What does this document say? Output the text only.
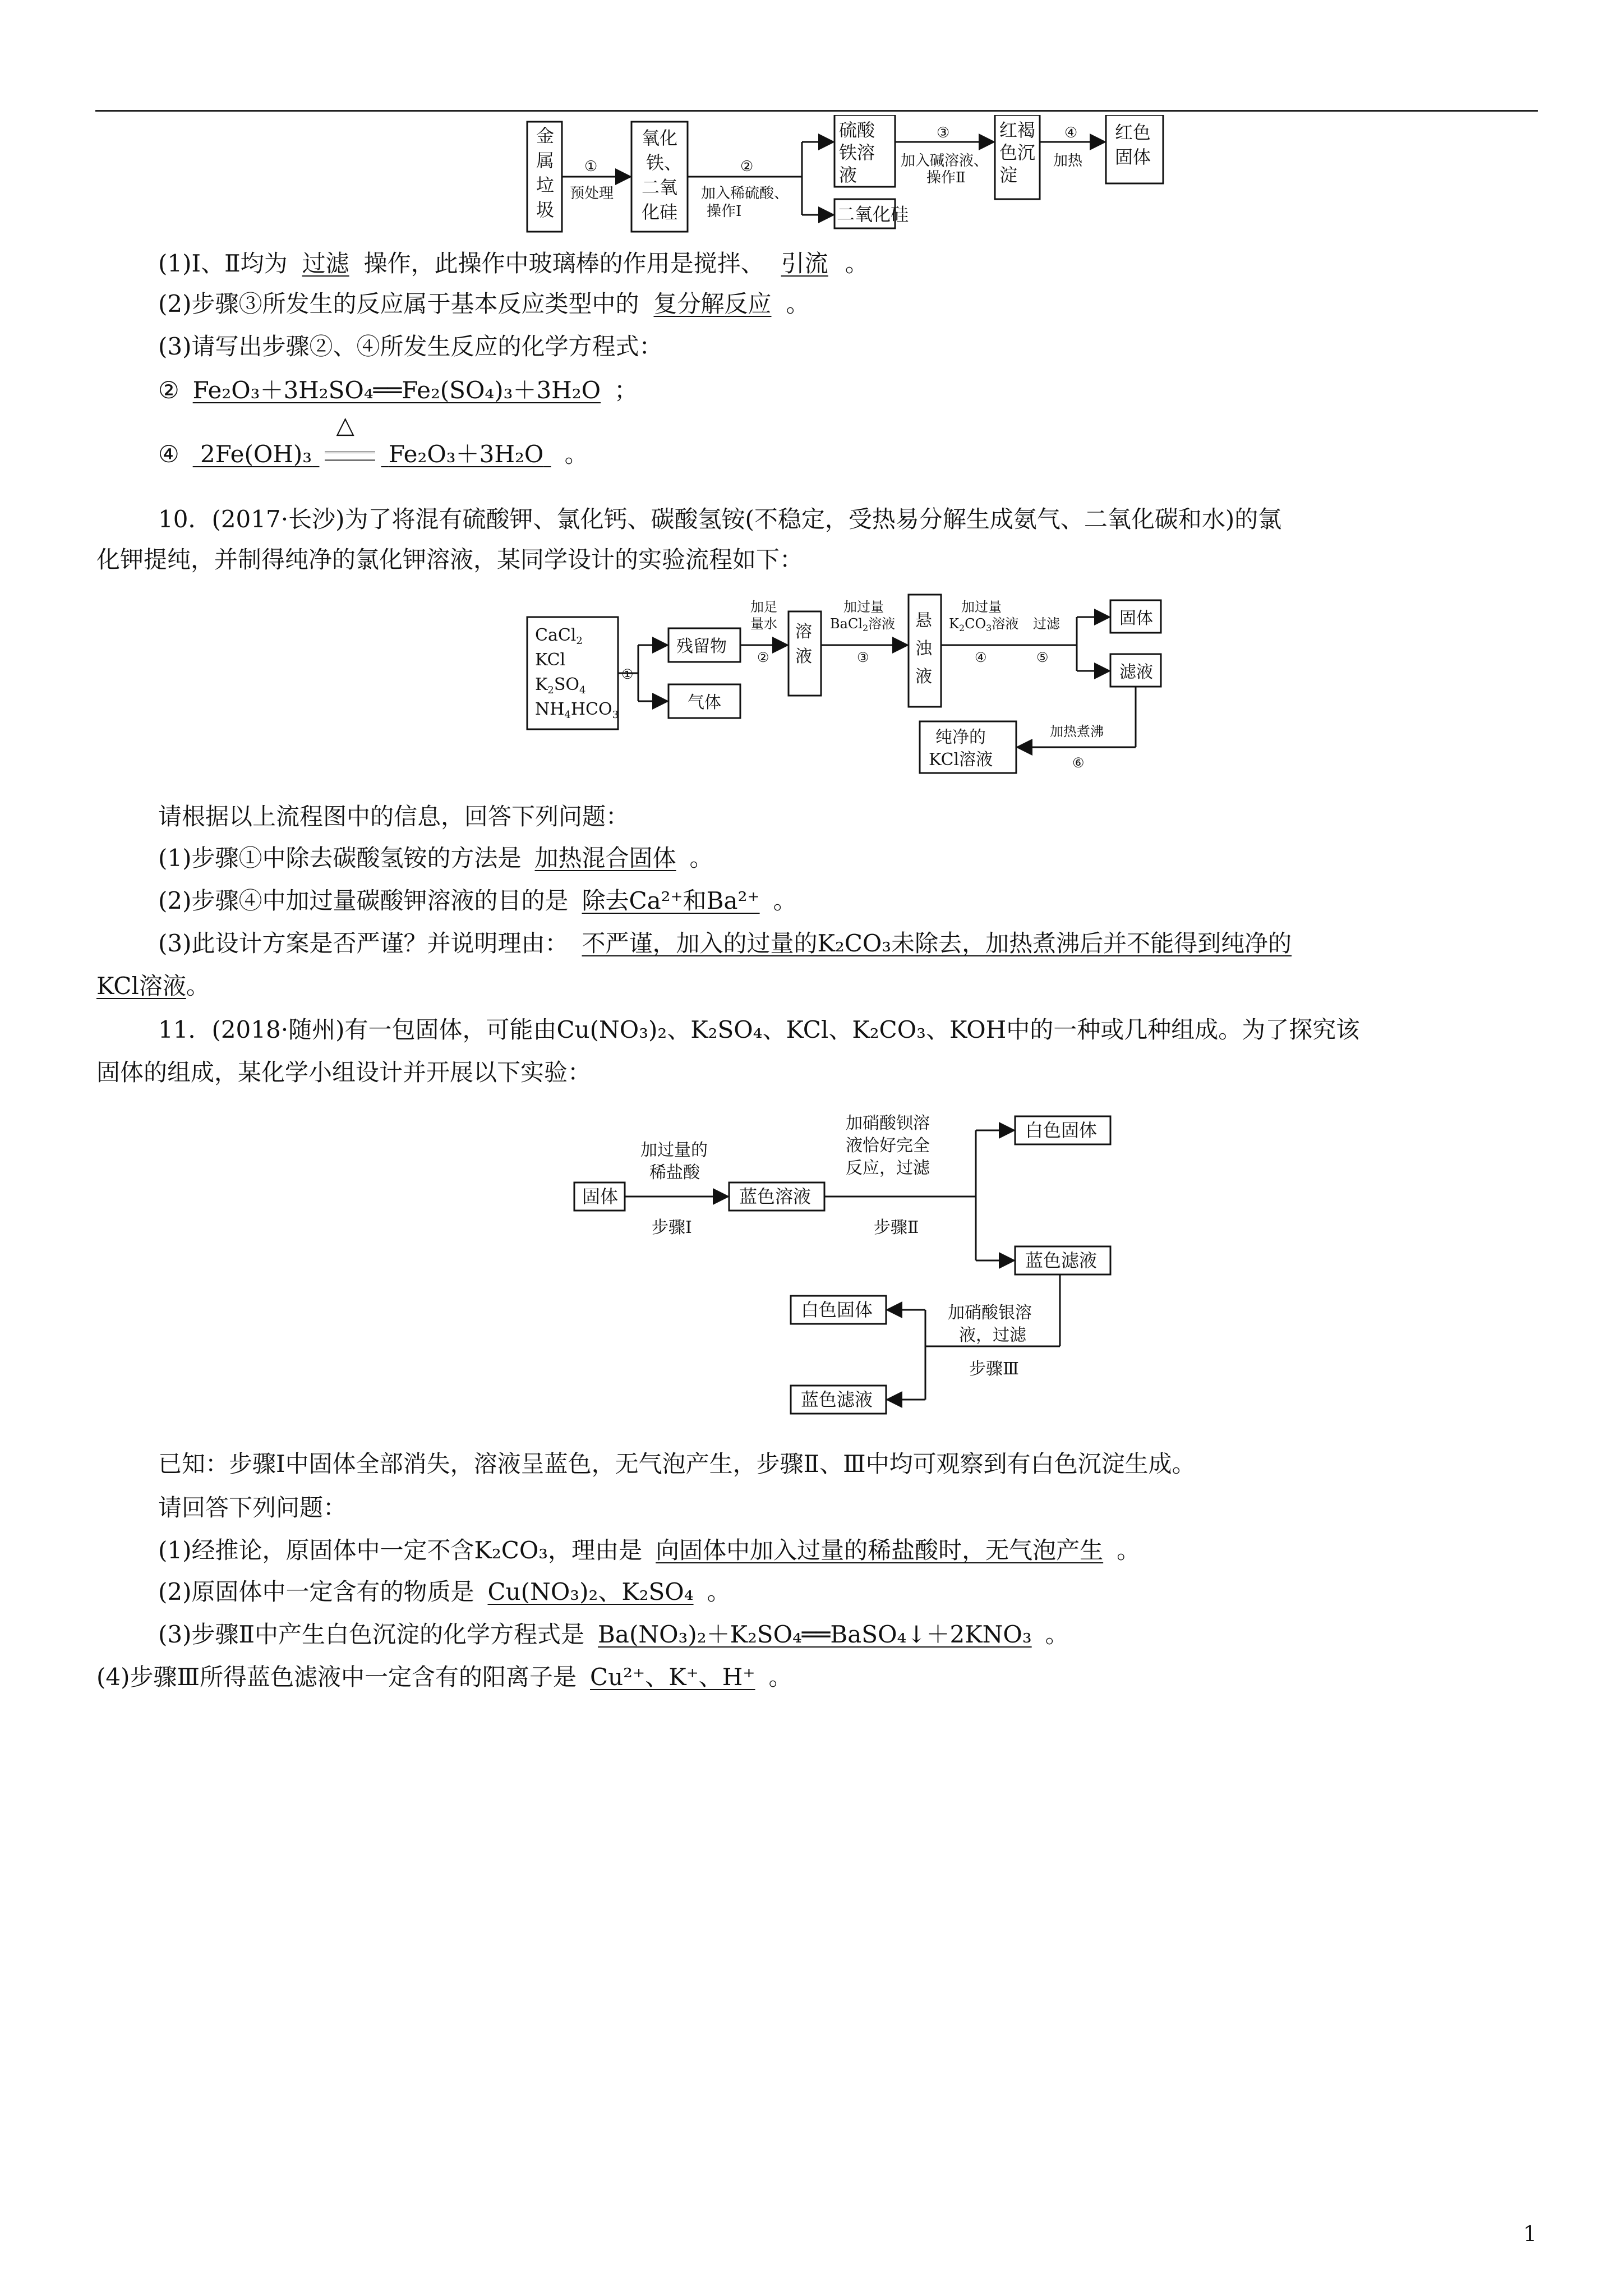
金
属
垃
圾
氧化
铁、
二氧
化硅
硫酸
铁溶
液
二氧化硅
红褐
色沉
淀
红色
固体
①
预处理
②
加入稀硫酸、
操作Ⅰ
③
加入碱溶液、
操作Ⅱ
④
加热
(1)Ⅰ、Ⅱ均为 过滤 操作，此操作中玻璃棒的作用是搅拌、 引流 。
(2)步骤③所发生的反应属于基本反应类型中的 复分解反应 。
(3)请写出步骤②、④所发生反应的化学方程式：
② Fe₂O₃＋3H₂SO₄══Fe₂(SO₄)₃＋3H₂O ；
④ 2Fe(OH)₃
△
Fe₂O₃＋3H₂O 。
10．(2017·长沙)为了将混有硫酸钾、氯化钙、碳酸氢铵(不稳定，受热易分解生成氨气、二氧化碳和水)的氯
化钾提纯，并制得纯净的氯化钾溶液，某同学设计的实验流程如下：
CaCl$_2$
KCl
$K_2SO_4$
$NH_4HCO_3$
残留物
气体
溶
液
悬
浊
液
固体
滤液
纯净的
KCl溶液
①
加足
量水
②
加过量
BaCl$_2$溶液
③
加过量
$K_2CO_3$溶液
④
过滤
⑤
加热煮沸
⑥
请根据以上流程图中的信息，回答下列问题：
(1)步骤①中除去碳酸氢铵的方法是 加热混合固体 。
(2)步骤④中加过量碳酸钾溶液的目的是 除去Ca²⁺和Ba²⁺ 。
(3)此设计方案是否严谨？并说明理由： 不严谨，加入的过量的K₂CO₃未除去，加热煮沸后并不能得到纯净的
KCl溶液。
11．(2018·随州)有一包固体，可能由Cu(NO₃)₂、K₂SO₄、KCl、K₂CO₃、KOH中的一种或几种组成。为了探究该
固体的组成，某化学小组设计并开展以下实验：
固体	蓝色溶液
白色固体
蓝色滤液
白色固体
蓝色滤液
加过量的
稀盐酸
步骤Ⅰ
加硝酸钡溶
液恰好完全
反应，过滤
步骤Ⅱ
加硝酸银溶
液，过滤
步骤Ⅲ
已知：步骤Ⅰ中固体全部消失，溶液呈蓝色，无气泡产生，步骤Ⅱ、Ⅲ中均可观察到有白色沉淀生成。
请回答下列问题：
(1)经推论，原固体中一定不含K₂CO₃，理由是 向固体中加入过量的稀盐酸时，无气泡产生 。
(2)原固体中一定含有的物质是 Cu(NO₃)₂、K₂SO₄ 。
(3)步骤Ⅱ中产生白色沉淀的化学方程式是 Ba(NO₃)₂＋K₂SO₄══BaSO₄↓＋2KNO₃ 。
(4)步骤Ⅲ所得蓝色滤液中一定含有的阳离子是 Cu²⁺、K⁺、H⁺ 。
1
